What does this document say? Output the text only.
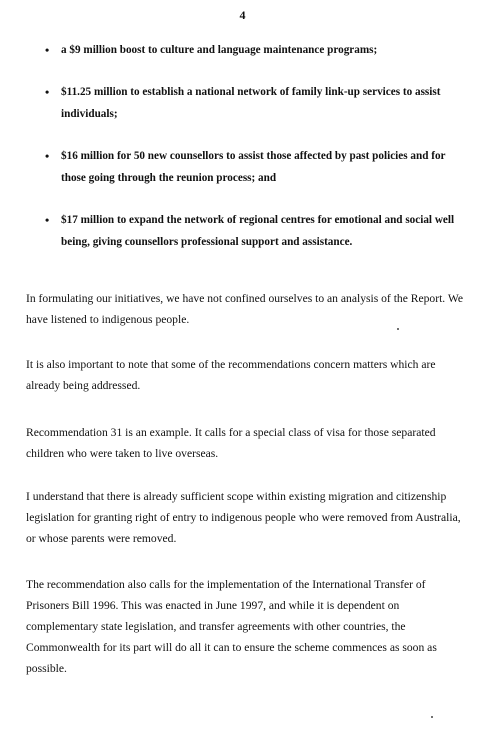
4
• a $9 million boost to culture and language maintenance programs;
• $11.25 million to establish a national network of family link-up services to assist individuals;
• $16 million for 50 new counsellors to assist those affected by past policies and for those going through the reunion process; and
• $17 million to expand the network of regional centres for emotional and social well being, giving counsellors professional support and assistance.

In formulating our initiatives, we have not confined ourselves to an analysis of the Report. We have listened to indigenous people.

It is also important to note that some of the recommendations concern matters which are already being addressed.

Recommendation 31 is an example. It calls for a special class of visa for those separated children who were taken to live overseas.

I understand that there is already sufficient scope within existing migration and citizenship legislation for granting right of entry to indigenous people who were removed from Australia, or whose parents were removed.

The recommendation also calls for the implementation of the International Transfer of Prisoners Bill 1996. This was enacted in June 1997, and while it is dependent on complementary state legislation, and transfer agreements with other countries, the Commonwealth for its part will do all it can to ensure the scheme commences as soon as possible.
